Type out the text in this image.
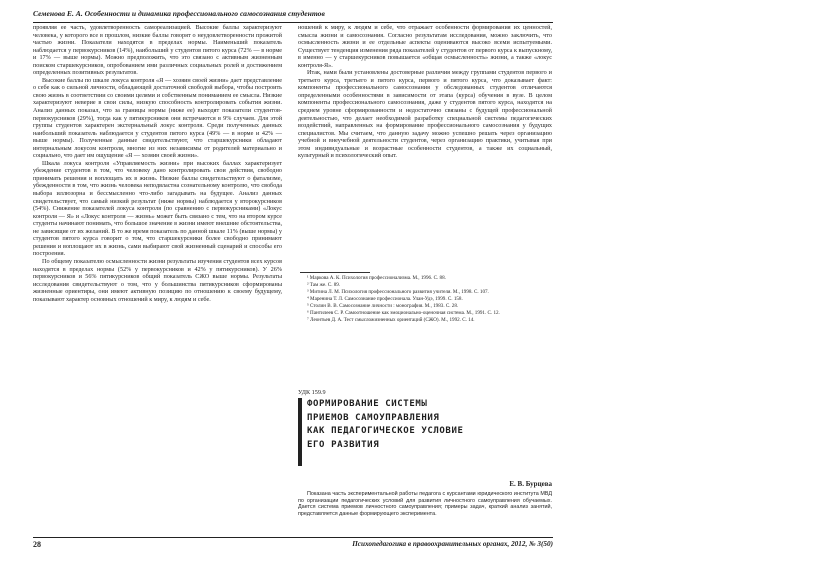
Семенова Е. А. Особенности и динамика профессионального самосознания студентов

проявляя ее часть, удовлетворенность самореализацией. Высокие баллы характеризуют человека, у которого все в прошлом, низкие баллы говорят о неудовлетворенности прожитой частью жизни. Показатели находятся в пределах нормы. Наименьший показатель наблюдается у первокурсников (14%), наибольший у студентов пятого курса (72% — в норме и 17% — выше нормы). Можно предположить, что это связано с активным жизненным поиском старшекурсников, опробованием ими различных социальных ролей и достижением определенных позитивных результатов.

Высокие баллы по шкале локуса контроля «Я — хозяин своей жизни» дает представление о себе как о сильной личности, обладающей достаточной свободой выбора, чтобы построить свою жизнь в соответствии со своими целями и собственным пониманием ее смысла. Низкие характеризуют неверие в свои силы, низкую способность контролировать события жизни. Анализ данных показал, что за границы нормы (ниже ее) выходят показатели студентов-первокурсников (29%), тогда как у пятикурсников они встречаются в 9% случаев. Для этой группы студентов характерен экстернальный локус контроля. Среди полученных данных наибольший показатель наблюдается у студентов пятого курса (49% — в норме и 42% — выше нормы). Полученные данные свидетельствуют, что старшекурсники обладают интернальным локусом контроля, многие из них независимы от родителей материально и социально, что дает им ощущение «Я — хозяин своей жизни».

Шкала локуса контроля «Управляемость жизни» при высоких баллах характеризует убеждение студентов в том, что человеку дано контролировать свои действия, свободно принимать решения и воплощать их в жизнь. Низкие баллы свидетельствуют о фатализме, убежденности в том, что жизнь человека неподвластна сознательному контролю, что свобода выбора иллюзорна и бессмысленно что-либо загадывать на будущее. Анализ данных свидетельствует, что самый низкий результат (ниже нормы) наблюдается у второкурсников (54%). Снижение показателей локуса контроля (по сравнению с первокурсниками) «Локус контроля — Я» и «Локус контроля — жизнь» может быть связано с тем, что на втором курсе студенты начинают понимать, что большое значение в жизни имеют внешние обстоятельства, не зависящие от их желаний. В то же время показатель по данной шкале 11% (выше нормы) у студентов пятого курса говорит о том, что старшекурсники более свободно принимают решения и воплощают их в жизнь, сами выбирают свой жизненный сценарий и способы его построения.

По общему показателю осмысленности жизни результаты изучения студентов всех курсов находятся в пределах нормы (52% у первокурсников и 42% у пятикурсников). У 26% первокурсников и 56% пятикурсников общий показатель СЖО выше нормы. Результаты исследования свидетельствуют о том, что у большинства пятикурсников сформированы жизненные ориентиры, они имеют активную позицию по отношению к своему будущему, показывают характер основных отношений к миру, к людям и себе.

ношений к миру, к людям и себе, что отражает особенности формирования их ценностей, смысла жизни и самосознания. Согласно результатам исследования, можно заключить, что осмысленность жизни и ее отдельные аспекты оцениваются высоко всеми испытуемыми. Существует тенденция изменения ряда показателей у студентов от первого курса к выпускному, в именно — у старшекурсников повышается «общая осмысленность» жизни, а также «локус контроля-Я».

Итак, нами были установлены достоверные различия между группами студентов первого и третьего курса, третьего и пятого курса, первого и пятого курса, что доказывает факт: компоненты профессионального самосознания у обследованных студентов отличаются определенными особенностями в зависимости от этапа (курса) обучения в вузе. В целом компоненты профессионального самосознания, даже у студентов пятого курса, находятся на среднем уровне сформированности и недостаточно связаны с будущей профессиональной деятельностью, что делает необходимой разработку специальной системы педагогических воздействий, направленных на формирование профессионального самосознания у будущих специалистов. Мы считаем, что данную задачу можно успешно решать через организацию учебной и внеучебной деятельности студентов, через организацию практики, учитывая при этом индивидуальные и возрастные особенности студентов, а также их социальный, культурный и психологический опыт.

¹ Маркова А. К. Психология профессионализма. М., 1996. С. 88.

² Там же. С. 89.

³ Митина Л. М. Психология профессионального развития учителя. М., 1998. С. 107.

⁴ Маренина Т. Л. Самосознание профессионала. Улан-Удэ, 1999. С. 158.

⁵ Столин В. В. Самосознание личности : монография. М., 1983. С. 28.

⁶ Пантилеев С. Р. Самоотношение как эмоционально-оценочная система. М., 1991. С. 12.

⁷ Леонтьев Д. А. Тест смысложизненных ориентаций (СЖО). М., 1992. С. 14.

УДК 159.9
ФОРМИРОВАНИЕ СИСТЕМЫ
ПРИЕМОВ САМОУПРАВЛЕНИЯ
КАК ПЕДАГОГИЧЕСКОЕ УСЛОВИЕ
ЕГО РАЗВИТИЯ
Е. В. Бурцева

Показана часть экспериментальной работы педагога с курсантами юридического института МВД по организации педагогических условий для развития личностного самоуправления обучаемых. Дается система приемов личностного самоуправления; примеры задач, краткий анализ занятий, представляется данные формирующего эксперимента.

28	Психопедагогика в правоохранительных органах, 2012, № 3(50)
